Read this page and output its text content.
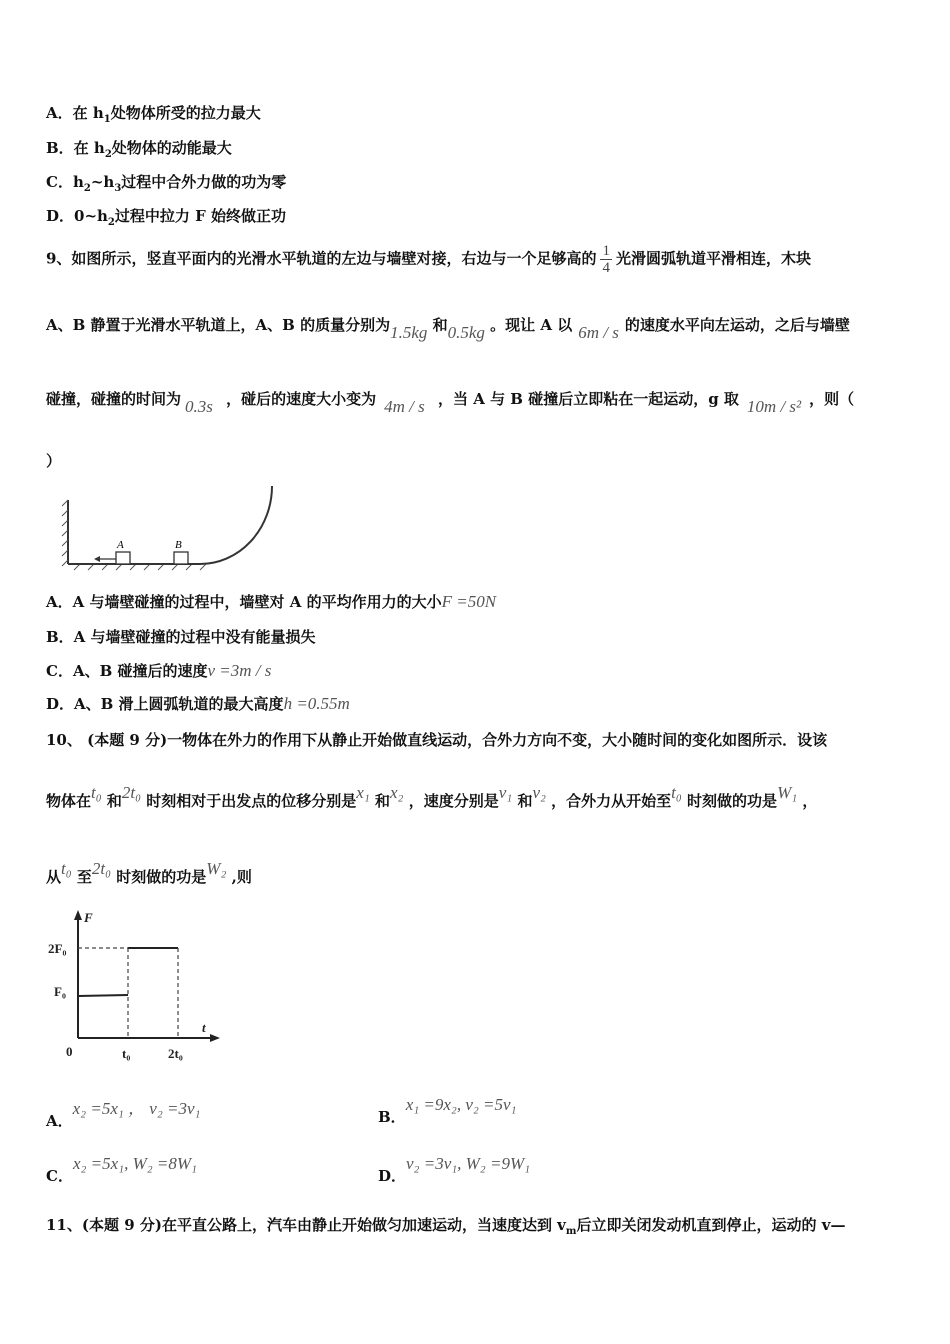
A．在 $h_1$处物体所受的拉力最大
B．在 $h_2$处物体的动能最大
C．$h_2\sim h_3$过程中合外力做的功为零
D．$0\sim h_2$过程中拉力 F 始终做正功
9、如图所示，竖直平面内的光滑水平轨道的左边与墙壁对接，右边与一个足够高的 $\frac{1}{4}$ 光滑圆弧轨道平滑相连，木块
A、B 静置于光滑水平轨道上，A、B 的质量分别为1.5kg 和0.5kg 。现让 A 以 6m / s 的速度水平向左运动，之后与墙壁
碰撞，碰撞的时间为 0.3s ，碰后的速度大小变为 4m / s ，当 A 与 B 碰撞后立即粘在一起运动，g 取 10m / s² ，则（
）
A	B
A．A 与墙壁碰撞的过程中，墙壁对 A 的平均作用力的大小F =50N
B．A 与墙壁碰撞的过程中没有能量损失
C．A、B 碰撞后的速度v =3m / s
D．A、B 滑上圆弧轨道的最大高度h =0.55m
10、 (本题 9 分)一物体在外力的作用下从静止开始做直线运动，合外力方向不变，大小随时间的变化如图所示．设该
物体在t₀ 和2t₀ 时刻相对于出发点的位移分别是x₁ 和x₂ ，速度分别是v₁ 和v₂ ，合外力从开始至t₀ 时刻做的功是W₁ ，
从t₀ 至2t₀ 时刻做的功是W₂ ,则
F
2F₀
F₀
0
t
t₀	2t₀
A．x₂ =5x₁ ， v₂ =3v₁	B．x₁ =9x₂, v₂ =5v₁
C．x₂ =5x₁, W₂ =8W₁
D．v₂ =3v₁, W₂ =9W₁
11、(本题 9 分)在平直公路上，汽车由静止开始做匀加速运动，当速度达到 $v_m$后立即关闭发动机直到停止，运动的 v—
